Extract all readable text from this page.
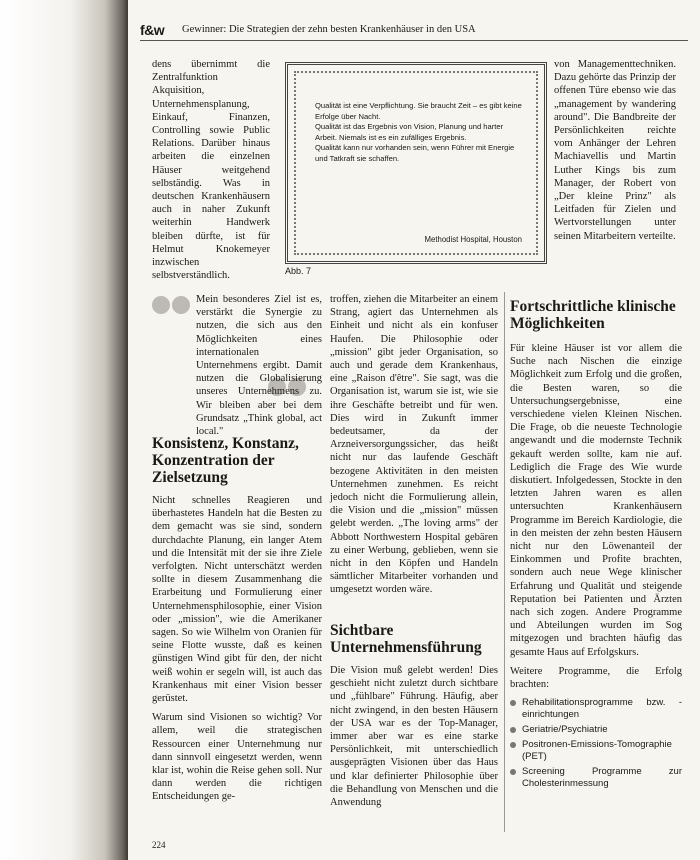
f&w Gewinner: Die Strategien der zehn besten Krankenhäuser in den USA

dens übernimmt die Zentralfunktion Akquisition, Unternehmensplanung, Einkauf, Finanzen, Controlling sowie Public Relations. Darüber hinaus arbeiten die einzelnen Häuser weitgehend selbständig. Was in deutschen Krankenhäusern auch in naher Zukunft weiterhin Handwerk bleiben dürfte, ist für Helmut Knokemeyer inzwischen selbstverständlich.

Qualität ist eine Verpflichtung. Sie braucht Zeit – es gibt keine Erfolge über Nacht.
Qualität ist das Ergebnis von Vision, Planung und harter Arbeit. Niemals ist es ein zufälliges Ergebnis.
Qualität kann nur vorhanden sein, wenn Führer mit Energie und Tatkraft sie schaffen.
Methodist Hospital, Houston
Abb. 7

von Managementtechniken. Dazu gehörte das Prinzip der offenen Türe ebenso wie das „management by wandering around". Die Bandbreite der Persönlichkeiten reichte vom Anhänger der Lehren Machiavellis und Martin Luther Kings bis zum Manager, der Robert von „Der kleine Prinz" als Leitfaden für Zielen und Wertvorstellungen unter seinen Mitarbeitern verteilte.

Mein besonderes Ziel ist es, verstärkt die Synergie zu nutzen, die sich aus den Möglichkeiten eines internationalen Unternehmens ergibt. Damit nutzen die Globalisierung unseres Unternehmens zu. Wir bleiben aber bei dem Grundsatz „Think global, act local."

Konsistenz, Konstanz, Konzentration der Zielsetzung

Nicht schnelles Reagieren und überhastetes Handeln hat die Besten zu dem gemacht was sie sind, sondern durchdachte Planung, ein langer Atem und die Intensität mit der sie ihre Ziele verfolgten. Nicht unterschätzt werden sollte in diesem Zusammenhang die Erarbeitung und Formulierung einer Unternehmensphilosophie, einer Vision oder „mission", wie die Amerikaner sagen. So wie Wilhelm von Oranien für seine Flotte wusste, daß es keinen günstigen Wind gibt für den, der nicht weiß wohin er segeln will, ist auch das Krankenhaus mit einer Vision besser gerüstet.

Warum sind Visionen so wichtig? Vor allem, weil die strategischen Ressourcen einer Unternehmung nur dann sinnvoll eingesetzt werden, wenn klar ist, wohin die Reise gehen soll. Nur dann werden die richtigen Entscheidungen ge-

troffen, ziehen die Mitarbeiter an einem Strang, agiert das Unternehmen als Einheit und nicht als ein konfuser Haufen. Die Philosophie oder „mission" gibt jeder Organisation, so auch und gerade dem Krankenhaus, eine „Raison d'être". Sie sagt, was die Organisation ist, warum sie ist, wie sie ihre Geschäfte betreibt und für wen. Dies wird in Zukunft immer bedeutsamer, da der Arzneiversorgungssicher, das heißt nicht nur das laufende Geschäft bezogene Aktivitäten in den meisten Unternehmen zunehmen. Es reicht jedoch nicht die Formulierung allein, die Vision und die „mission" müssen gelebt werden. „The loving arms" der Abbott Northwestern Hospital gebären zu einer Werbung, geblieben, wenn sie nicht in den Köpfen und Handeln sämtlicher Mitarbeiter vorhanden und umgesetzt worden wäre.

Sichtbare Unternehmensführung

Die Vision muß gelebt werden! Dies geschieht nicht zuletzt durch sichtbare und „fühlbare" Führung. Häufig, aber nicht zwingend, in den besten Häusern der USA war es der Top-Manager, immer aber war es eine starke Persönlichkeit, mit unterschiedlich ausgeprägten Visionen über das Haus und klar definierter Philosophie über die Behandlung von Menschen und die Anwendung

Fortschrittliche klinische Möglichkeiten

Für kleine Häuser ist vor allem die Suche nach Nischen die einzige Möglichkeit zum Erfolg und die großen, die Besten waren, so die Untersuchungsergebnisse, eine verschiedene vielen Kleinen Nischen. Die Frage, ob die neueste Technologie angewandt und die modernste Technik gekauft werden sollte, kam nie auf. Lediglich die Frage des Wie wurde diskutiert. Infolgedessen, Stockte in den letzten Jahren waren es allen untersuchten Krankenhäusern Programme im Bereich Kardiologie, die in den meisten der zehn besten Häusern nicht nur den Löwenanteil der Einkommen und Profite brachten, sondern auch neue Wege klinischer Erfahrung und Qualität und steigende Reputation bei Patienten und Ärzten nach sich zogen. Andere Programme und Abteilungen wurden im Sog mitgezogen und brachten häufig das gesamte Haus auf Erfolgskurs.

Weitere Programme, die Erfolg brachten:

Rehabilitationsprogramme bzw. -einrichtungen
Geriatrie/Psychiatrie
Positronen-Emissions-Tomographie (PET)
Screening Programme zur Cholesterinmessung
224
